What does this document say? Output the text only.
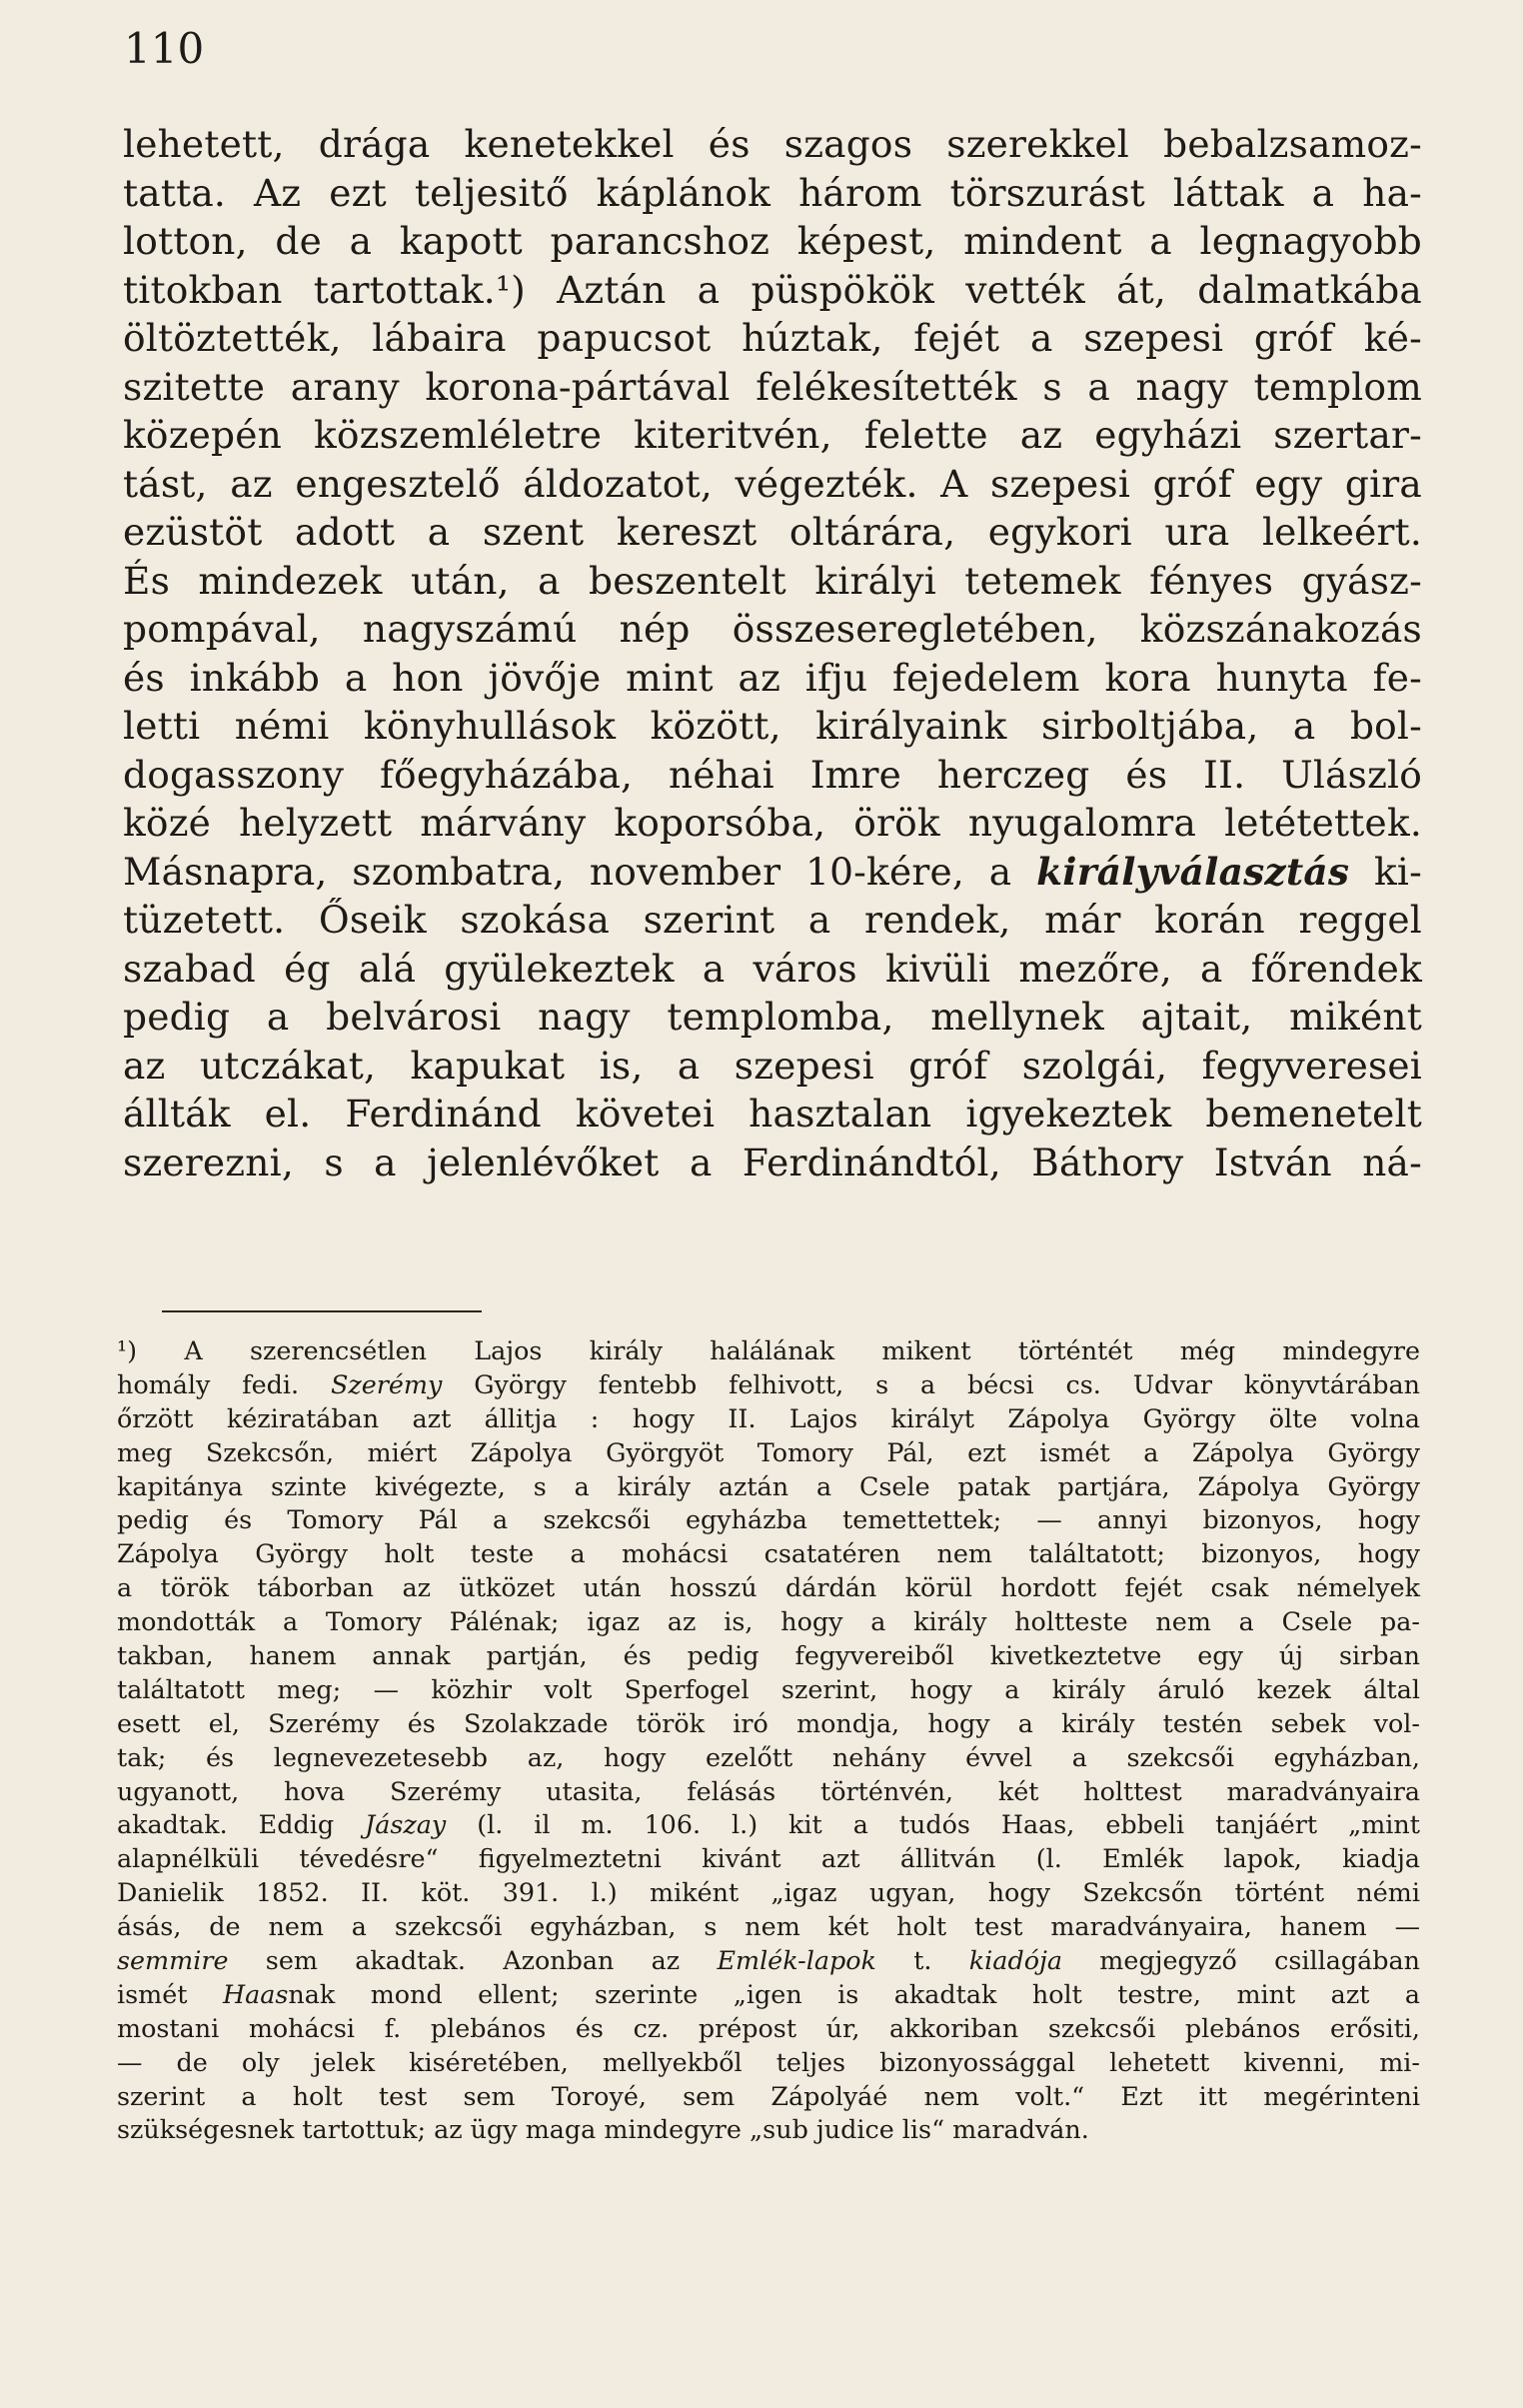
110
lehetett, drága kenetekkel és szagos szerekkel bebalzsamoz-
tatta. Az ezt teljesitő káplánok három törszurást láttak a ha-
lotton, de a kapott parancshoz képest, mindent a legnagyobb
titokban tartottak.¹) Aztán a püspökök vették át, dalmatkába
öltöztették, lábaira papucsot húztak, fejét a szepesi gróf ké-
szitette arany korona-pártával felékesítették s a nagy templom
közepén közszemléletre kiteritvén, felette az egyházi szertar-
tást, az engesztelő áldozatot, végezték. A szepesi gróf egy gira
ezüstöt adott a szent kereszt oltárára, egykori ura lelkeért.
És mindezek után, a beszentelt királyi tetemek fényes gyász-
pompával, nagyszámú nép összeseregletében, közszánakozás
és inkább a hon jövője mint az ifju fejedelem kora hunyta fe-
letti némi könyhullások között, királyaink sirboltjába, a bol-
dogasszony főegyházába, néhai Imre herczeg és II. Ulászló
közé helyzett márvány koporsóba, örök nyugalomra letétettek.
Másnapra, szombatra, november 10-kére, a királyválasztás ki-
tüzetett. Őseik szokása szerint a rendek, már korán reggel
szabad ég alá gyülekeztek a város kivüli mezőre, a főrendek
pedig a belvárosi nagy templomba, mellynek ajtait, miként
az utczákat, kapukat is, a szepesi gróf szolgái, fegyveresei
állták el. Ferdinánd követei hasztalan igyekeztek bemenetelt
szerezni, s a jelenlévőket a Ferdinándtól, Báthory István ná-
¹) A szerencsétlen Lajos király halálának mikent történtét még mindegyre
homály fedi. Szerémy György fentebb felhivott, s a bécsi cs. Udvar könyvtárában
őrzött kéziratában azt állitja : hogy II. Lajos királyt Zápolya György ölte volna
meg Szekcsőn, miért Zápolya Györgyöt Tomory Pál, ezt ismét a Zápolya György
kapitánya szinte kivégezte, s a király aztán a Csele patak partjára, Zápolya György
pedig és Tomory Pál a szekcsői egyházba temettettek; — annyi bizonyos, hogy
Zápolya György holt teste a mohácsi csatatéren nem találtatott; bizonyos, hogy
a török táborban az ütközet után hosszú dárdán körül hordott fejét csak némelyek
mondották a Tomory Pálénak; igaz az is, hogy a király holtteste nem a Csele pa-
takban, hanem annak partján, és pedig fegyvereiből kivetkeztetve egy új sirban
találtatott meg; — közhir volt Sperfogel szerint, hogy a király áruló kezek által
esett el, Szerémy és Szolakzade török iró mondja, hogy a király testén sebek vol-
tak; és legnevezetesebb az, hogy ezelőtt nehány évvel a szekcsői egyházban,
ugyanott, hova Szerémy utasita, felásás történvén, két holttest maradványaira
akadtak. Eddig Jászay (l. il m. 106. l.) kit a tudós Haas, ebbeli tanjáért „mint
alapnélküli tévedésre“ figyelmeztetni kivánt azt állitván (l. Emlék lapok, kiadja
Danielik 1852. II. köt. 391. l.) miként „igaz ugyan, hogy Szekcsőn történt némi
ásás, de nem a szekcsői egyházban, s nem két holt test maradványaira, hanem —
semmire sem akadtak. Azonban az Emlék-lapok t. kiadója megjegyző csillagában
ismét Haasnak mond ellent; szerinte „igen is akadtak holt testre, mint azt a
mostani mohácsi f. plebános és cz. prépost úr, akkoriban szekcsői plebános erősiti,
— de oly jelek kiséretében, mellyekből teljes bizonyossággal lehetett kivenni, mi-
szerint a holt test sem Toroyé, sem Zápolyáé nem volt.“ Ezt itt megérinteni
szükségesnek tartottuk; az ügy maga mindegyre „sub judice lis“ maradván.
